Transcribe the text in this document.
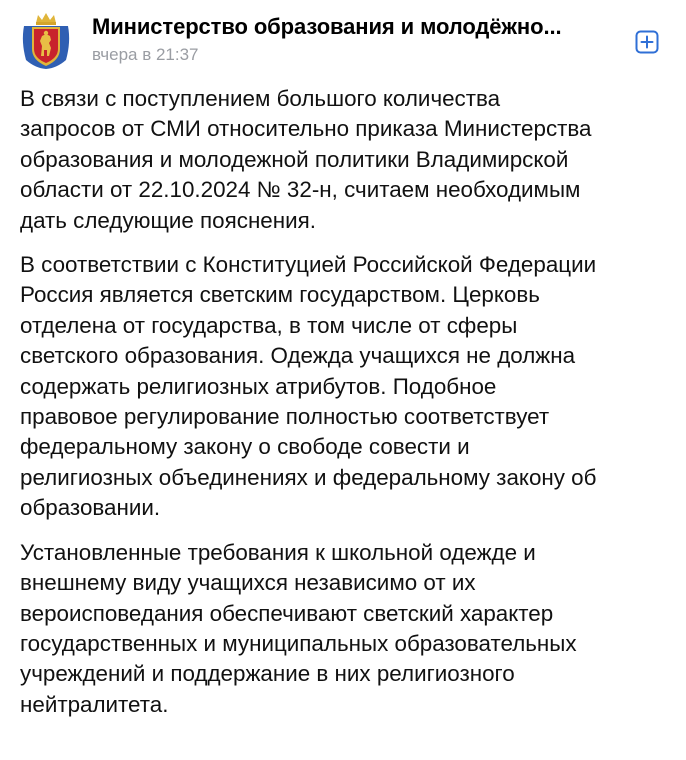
Министерство образования и молодёжно...
вчера в 21:37

В связи с поступлением большого количества
запросов от СМИ относительно приказа Министерства
образования и молодежной политики Владимирской
области от 22.10.2024 № 32-н, считаем необходимым
дать следующие пояснения.

В соответствии с Конституцией Российской Федерации
Россия является светским государством. Церковь
отделена от государства, в том числе от сферы
светского образования. Одежда учащихся не должна
содержать религиозных атрибутов. Подобное
правовое регулирование полностью соответствует
федеральному закону о свободе совести и
религиозных объединениях и федеральному закону об
образовании.

Установленные требования к школьной одежде и
внешнему виду учащихся независимо от их
вероисповедания обеспечивают светский характер
государственных и муниципальных образовательных
учреждений и поддержание в них религиозного
нейтралитета.
